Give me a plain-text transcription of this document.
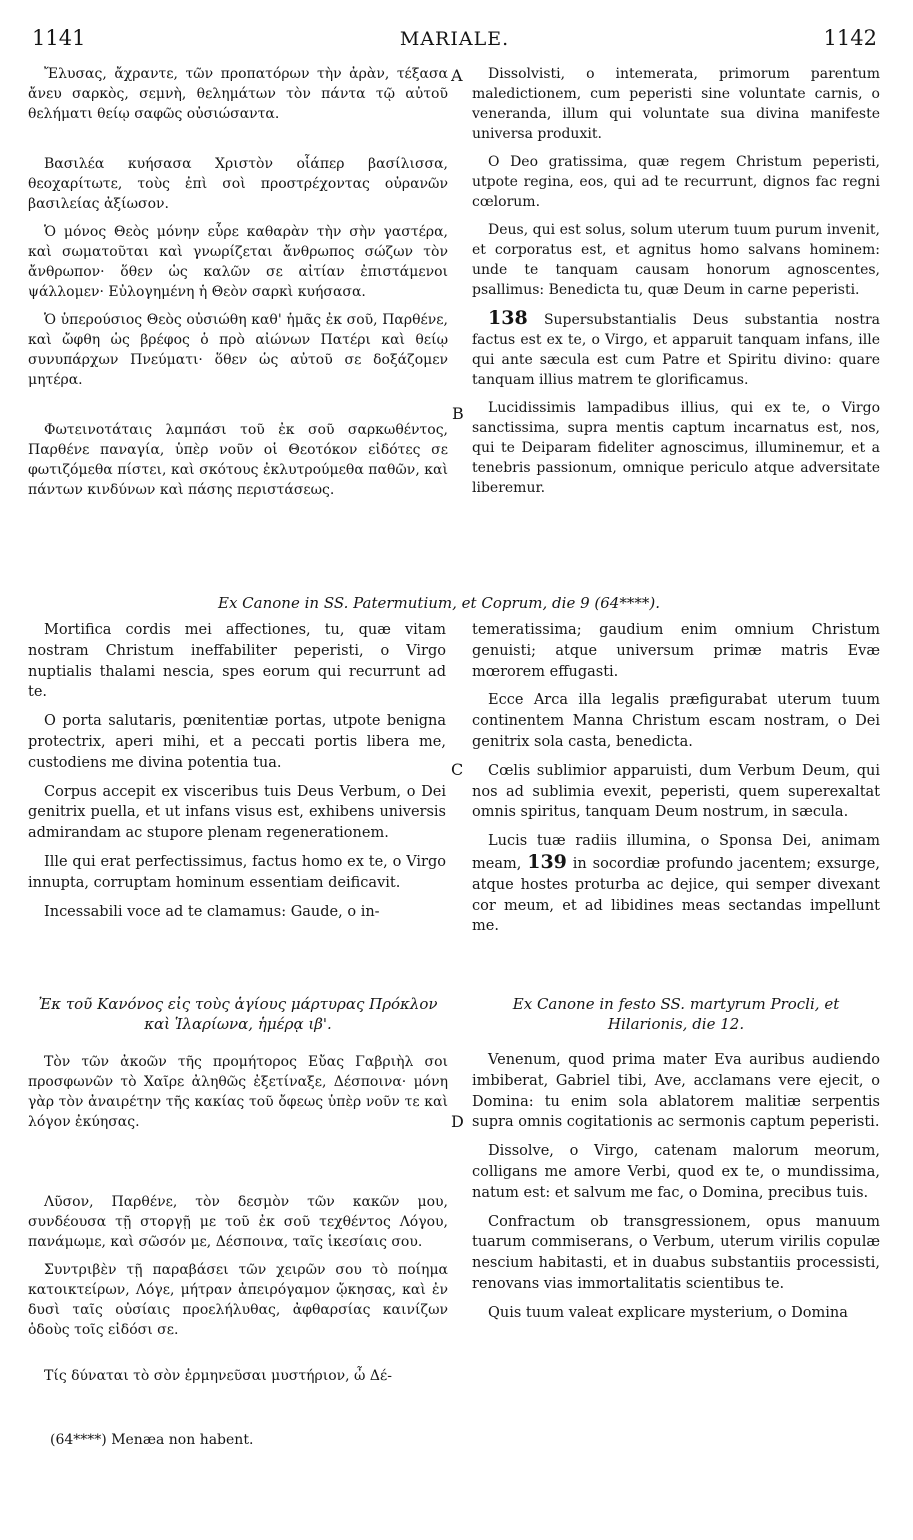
1141	MARIALE.	1142

Ἔλυσας, ἄχραντε, τῶν προπατόρων τὴν ἀρὰν, τέξασα ἄνευ σαρκὸς, σεμνὴ, θελημάτων τὸν πάντα τῷ αὐτοῦ θελήματι θείῳ σαφῶς οὐσιώσαντα.

Βασιλέα κυήσασα Χριστὸν οἷάπερ βασίλισσα, θεοχαρίτωτε, τοὺς ἐπὶ σοὶ προστρέχοντας οὐρανῶν βασιλείας ἀξίωσον.

Ὁ μόνος Θεὸς μόνην εὗρε καθαρὰν τὴν σὴν γαστέρα, καὶ σωματοῦται καὶ γνωρίζεται ἄνθρωπος σώζων τὸν ἄνθρωπον· ὅθεν ὡς καλῶν σε αἰτίαν ἐπιστάμενοι ψάλλομεν· Εὐλογημένη ἡ Θεὸν σαρκὶ κυήσασα.

Ὁ ὑπερούσιος Θεὸς οὐσιώθη καθ' ἡμᾶς ἐκ σοῦ, Παρθένε, καὶ ὤφθη ὡς βρέφος ὁ πρὸ αἰώνων Πατέρι καὶ θείῳ συνυπάρχων Πνεύματι· ὅθεν ὡς αὐτοῦ σε δοξάζομεν μητέρα.

Φωτεινοτάταις λαμπάσι τοῦ ἐκ σοῦ σαρκωθέντος, Παρθένε παναγία, ὑπὲρ νοῦν οἱ Θεοτόκον εἰδότες σε φωτιζόμεθα πίστει, καὶ σκότους ἐκλυτρούμεθα παθῶν, καὶ πάντων κινδύνων καὶ πάσης περιστάσεως.

Dissolvisti, o intemerata, primorum parentum maledictionem, cum peperisti sine voluntate carnis, o veneranda, illum qui voluntate sua divina manifeste universa produxit.

O Deo gratissima, quæ regem Christum peperisti, utpote regina, eos, qui ad te recurrunt, dignos fac regni cœlorum.

Deus, qui est solus, solum uterum tuum purum invenit, et corporatus est, et agnitus homo salvans hominem: unde te tanquam causam honorum agnoscentes, psallimus: Benedicta tu, quæ Deum in carne peperisti.

138 Supersubstantialis Deus substantia nostra factus est ex te, o Virgo, et apparuit tanquam infans, ille qui ante sæcula est cum Patre et Spiritu divino: quare tanquam illius matrem te glorificamus.

Lucidissimis lampadibus illius, qui ex te, o Virgo sanctissima, supra mentis captum incarnatus est, nos, qui te Deiparam fideliter agnoscimus, illuminemur, et a tenebris passionum, omnique periculo atque adversitate liberemur.

A
B
Ex Canone in SS. Patermutium, et Coprum, die 9 (64****).

Mortifica cordis mei affectiones, tu, quæ vitam nostram Christum ineffabiliter peperisti, o Virgo nuptialis thalami nescia, spes eorum qui recurrunt ad te.

O porta salutaris, pœnitentiæ portas, utpote benigna protectrix, aperi mihi, et a peccati portis libera me, custodiens me divina potentia tua.

Corpus accepit ex visceribus tuis Deus Verbum, o Dei genitrix puella, et ut infans visus est, exhibens universis admirandam ac stupore plenam regenerationem.

Ille qui erat perfectissimus, factus homo ex te, o Virgo innupta, corruptam hominum essentiam deificavit.

Incessabili voce ad te clamamus: Gaude, o in-

temeratissima; gaudium enim omnium Christum genuisti; atque universum primæ matris Evæ mœrorem effugasti.

Ecce Arca illa legalis præfigurabat uterum tuum continentem Manna Christum escam nostram, o Dei genitrix sola casta, benedicta.

Cœlis sublimior apparuisti, dum Verbum Deum, qui nos ad sublimia evexit, peperisti, quem superexaltat omnis spiritus, tanquam Deum nostrum, in sæcula.

Lucis tuæ radiis illumina, o Sponsa Dei, animam meam, 139 in socordiæ profundo jacentem; exsurge, atque hostes proturba ac dejice, qui semper divexant cor meum, et ad libidines meas sectandas impellunt me.

C
Ἐκ τοῦ Κανόνος εἰς τοὺς ἁγίους μάρτυρας Πρόκλον καὶ Ἱλαρίωνα, ἡμέρᾳ ιβ'.
Ex Canone in festo SS. martyrum Procli, et Hilarionis, die 12.

Τὸν τῶν ἀκοῶν τῆς προμήτορος Εὔας Γαβριὴλ σοι προσφωνῶν τὸ Χαῖρε ἀληθῶς ἐξετίναξε, Δέσποινα· μόνη γὰρ τὸν ἀναιρέτην τῆς κακίας τοῦ ὄφεως ὑπὲρ νοῦν τε καὶ λόγον ἐκύησας.

Λῦσον, Παρθένε, τὸν δεσμὸν τῶν κακῶν μου, συνδέουσα τῇ στοργῇ με τοῦ ἐκ σοῦ τεχθέντος Λόγου, πανάμωμε, καὶ σῶσόν με, Δέσποινα, ταῖς ἱκεσίαις σου.

Συντριβὲν τῇ παραβάσει τῶν χειρῶν σου τὸ ποίημα κατοικτείρων, Λόγε, μήτραν ἀπειρόγαμον ᾤκησας, καὶ ἐν δυσὶ ταῖς οὐσίαις προελήλυθας, ἀφθαρσίας καινίζων ὁδοὺς τοῖς εἰδόσι σε.

Τίς δύναται τὸ σὸν ἑρμηνεῦσαι μυστήριον, ὦ Δέ-

Venenum, quod prima mater Eva auribus audiendo imbiberat, Gabriel tibi, Ave, acclamans vere ejecit, o Domina: tu enim sola ablatorem malitiæ serpentis supra omnis cogitationis ac sermonis captum peperisti.

Dissolve, o Virgo, catenam malorum meorum, colligans me amore Verbi, quod ex te, o mundissima, natum est: et salvum me fac, o Domina, precibus tuis.

Confractum ob transgressionem, opus manuum tuarum commiserans, o Verbum, uterum virilis copulæ nescium habitasti, et in duabus substantiis processisti, renovans vias immortalitatis scientibus te.

Quis tuum valeat explicare mysterium, o Domina

D
(64****) Menæa non habent.
